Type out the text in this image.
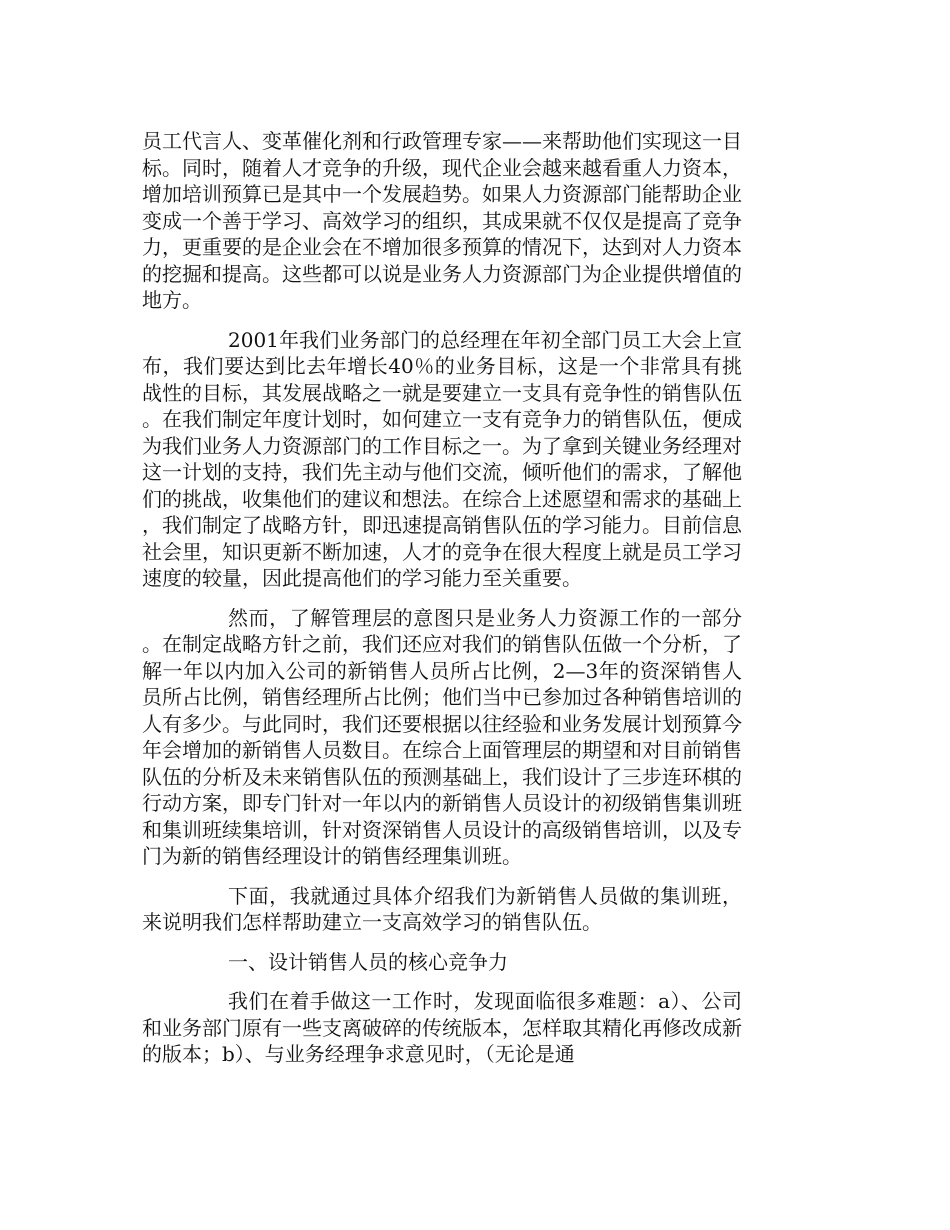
员工代言人、变革催化剂和行政管理专家——来帮助他们实现这一目标。同时，随着人才竞争的升级，现代企业会越来越看重人力资本，增加培训预算已是其中一个发展趋势。如果人力资源部门能帮助企业变成一个善于学习、高效学习的组织，其成果就不仅仅是提高了竞争力，更重要的是企业会在不增加很多预算的情况下，达到对人力资本的挖掘和提高。这些都可以说是业务人力资源部门为企业提供增值的地方。

2001年我们业务部门的总经理在年初全部门员工大会上宣布，我们要达到比去年增长40％的业务目标，这是一个非常具有挑战性的目标，其发展战略之一就是要建立一支具有竞争性的销售队伍。在我们制定年度计划时，如何建立一支有竞争力的销售队伍，便成为我们业务人力资源部门的工作目标之一。为了拿到关键业务经理对这一计划的支持，我们先主动与他们交流，倾听他们的需求，了解他们的挑战，收集他们的建议和想法。在综合上述愿望和需求的基础上，我们制定了战略方针，即迅速提高销售队伍的学习能力。目前信息社会里，知识更新不断加速，人才的竞争在很大程度上就是员工学习速度的较量，因此提高他们的学习能力至关重要。

然而，了解管理层的意图只是业务人力资源工作的一部分。在制定战略方针之前，我们还应对我们的销售队伍做一个分析，了解一年以内加入公司的新销售人员所占比例，2—3年的资深销售人员所占比例，销售经理所占比例；他们当中已参加过各种销售培训的人有多少。与此同时，我们还要根据以往经验和业务发展计划预算今年会增加的新销售人员数目。在综合上面管理层的期望和对目前销售队伍的分析及未来销售队伍的预测基础上，我们设计了三步连环棋的行动方案，即专门针对一年以内的新销售人员设计的初级销售集训班和集训班续集培训，针对资深销售人员设计的高级销售培训，以及专门为新的销售经理设计的销售经理集训班。

下面，我就通过具体介绍我们为新销售人员做的集训班，来说明我们怎样帮助建立一支高效学习的销售队伍。

一、设计销售人员的核心竞争力

我们在着手做这一工作时，发现面临很多难题：a）、公司和业务部门原有一些支离破碎的传统版本，怎样取其精化再修改成新的版本；b）、与业务经理争求意见时，（无论是通
